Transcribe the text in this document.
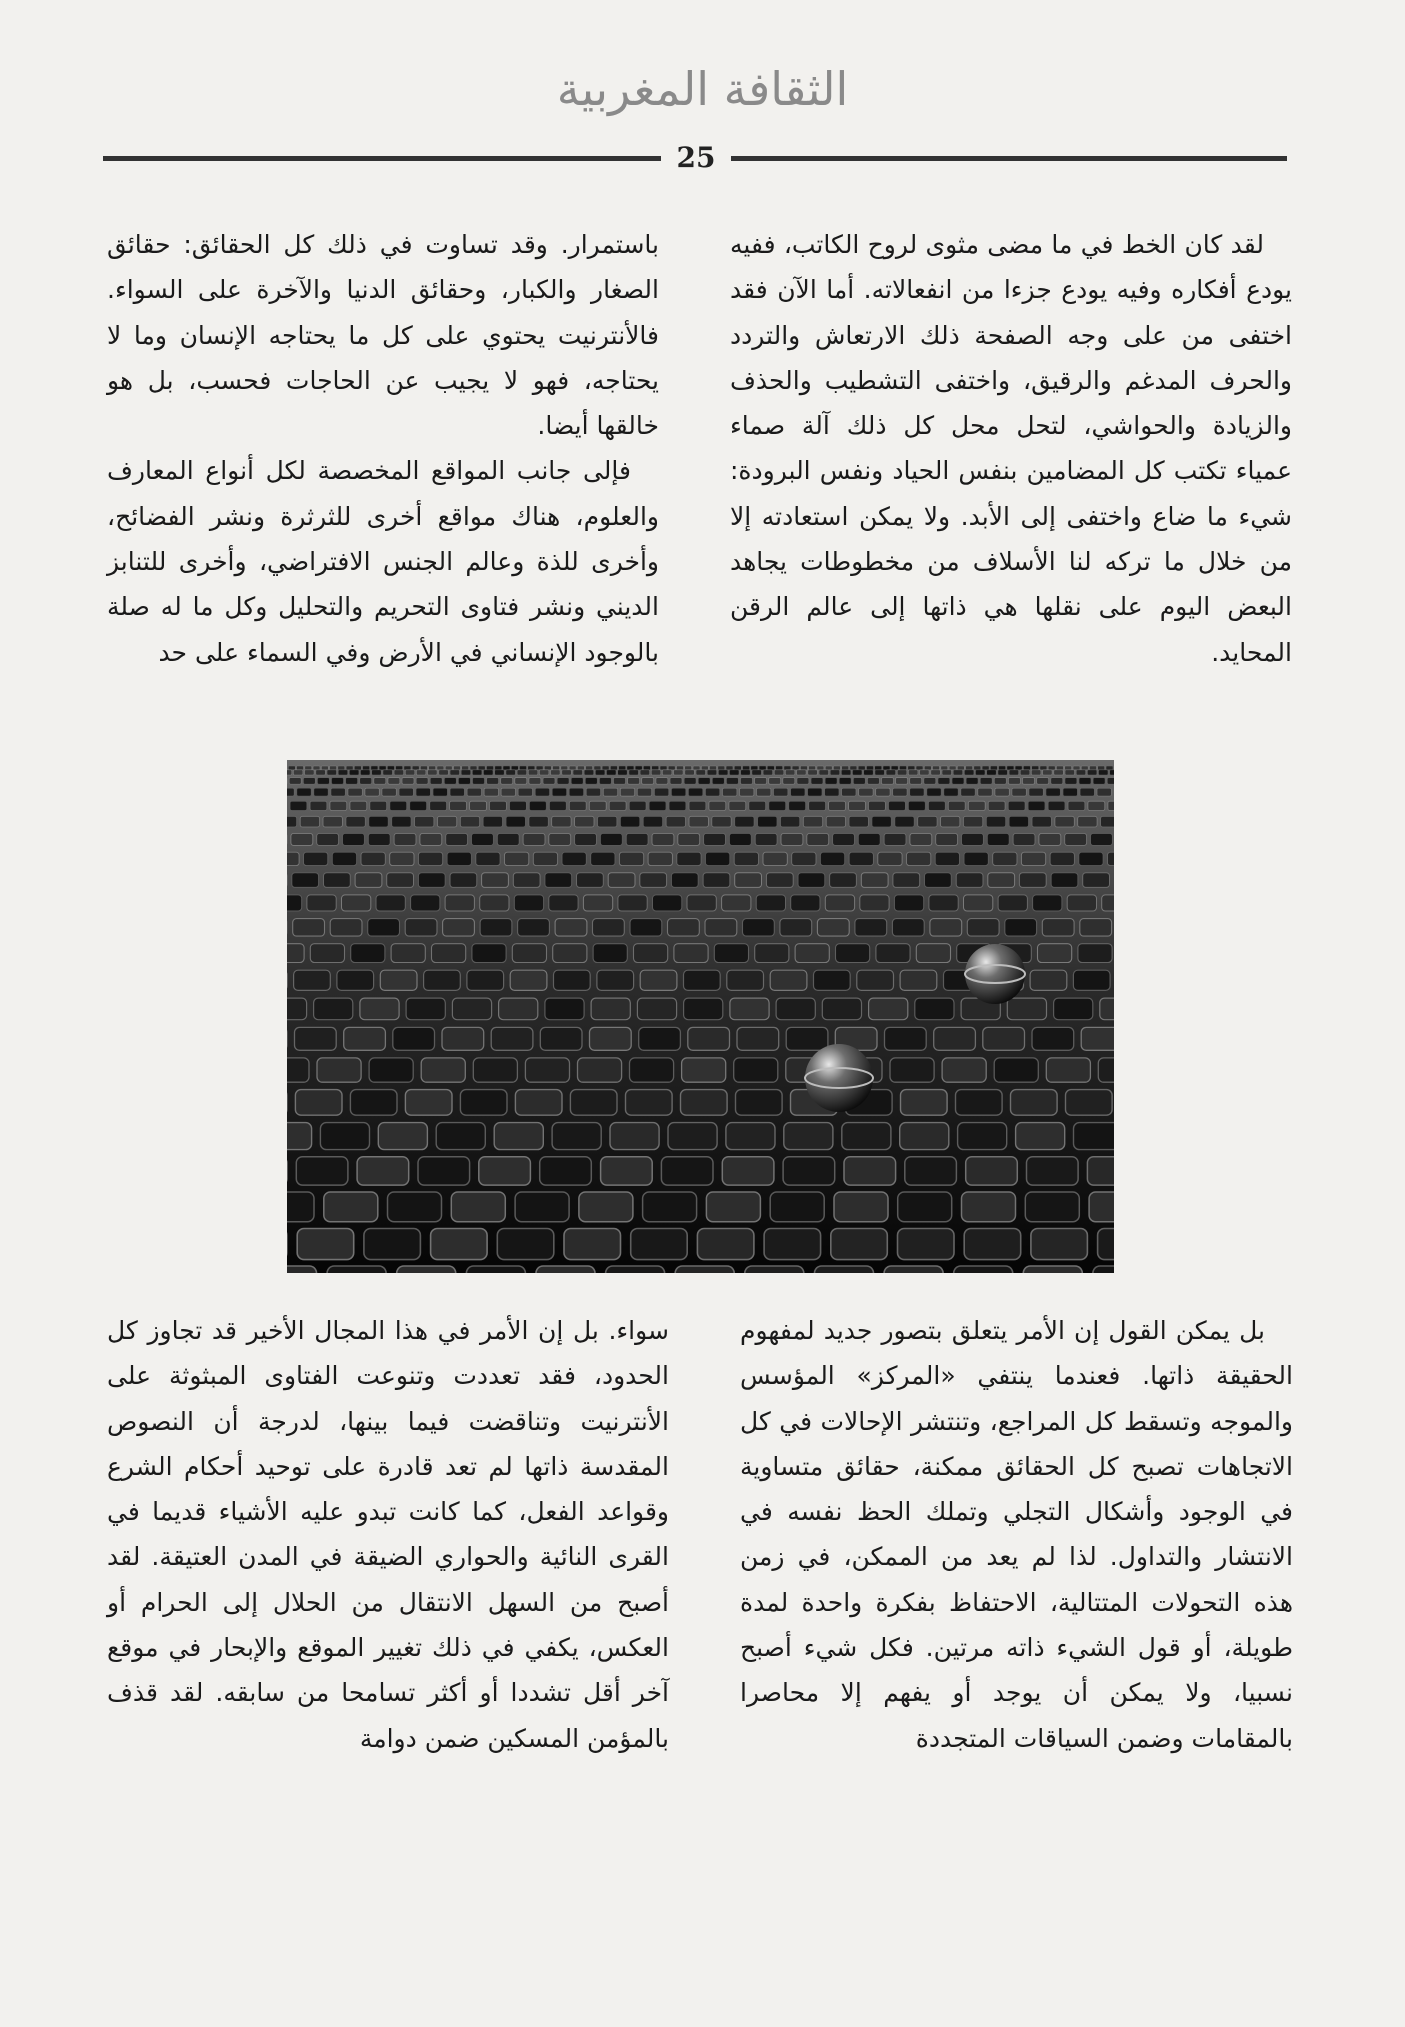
الثقافة المغربية
25

لقد كان الخط في ما مضى مثوى لروح الكاتب، ففيه يودع أفكاره وفيه يودع جزءا من انفعالاته. أما الآن فقد اختفى من على وجه الصفحة ذلك الارتعاش والتردد والحرف المدغم والرقيق، واختفى التشطيب والحذف والزيادة والحواشي، لتحل محل كل ذلك آلة صماء عمياء تكتب كل المضامين بنفس الحياد ونفس البرودة: شيء ما ضاع واختفى إلى الأبد. ولا يمكن استعادته إلا من خلال ما تركه لنا الأسلاف من مخطوطات يجاهد البعض اليوم على نقلها هي ذاتها إلى عالم الرقن المحايد.

باستمرار. وقد تساوت في ذلك كل الحقائق: حقائق الصغار والكبار، وحقائق الدنيا والآخرة على السواء. فالأنترنيت يحتوي على كل ما يحتاجه الإنسان وما لا يحتاجه، فهو لا يجيب عن الحاجات فحسب، بل هو خالقها أيضا.

فإلى جانب المواقع المخصصة لكل أنواع المعارف والعلوم، هناك مواقع أخرى للثرثرة ونشر الفضائح، وأخرى للذة وعالم الجنس الافتراضي، وأخرى للتنابز الديني ونشر فتاوى التحريم والتحليل وكل ما له صلة بالوجود الإنساني في الأرض وفي السماء على حد

بل يمكن القول إن الأمر يتعلق بتصور جديد لمفهوم الحقيقة ذاتها. فعندما ينتفي «المركز» المؤسس والموجه وتسقط كل المراجع، وتنتشر الإحالات في كل الاتجاهات تصبح كل الحقائق ممكنة، حقائق متساوية في الوجود وأشكال التجلي وتملك الحظ نفسه في الانتشار والتداول. لذا لم يعد من الممكن، في زمن هذه التحولات المتتالية، الاحتفاظ بفكرة واحدة لمدة طويلة، أو قول الشيء ذاته مرتين. فكل شيء أصبح نسبيا، ولا يمكن أن يوجد أو يفهم إلا محاصرا بالمقامات وضمن السياقات المتجددة

سواء. بل إن الأمر في هذا المجال الأخير قد تجاوز كل الحدود، فقد تعددت وتنوعت الفتاوى المبثوثة على الأنترنيت وتناقضت فيما بينها، لدرجة أن النصوص المقدسة ذاتها لم تعد قادرة على توحيد أحكام الشرع وقواعد الفعل، كما كانت تبدو عليه الأشياء قديما في القرى النائية والحواري الضيقة في المدن العتيقة. لقد أصبح من السهل الانتقال من الحلال إلى الحرام أو العكس، يكفي في ذلك تغيير الموقع والإبحار في موقع آخر أقل تشددا أو أكثر تسامحا من سابقه. لقد قذف بالمؤمن المسكين ضمن دوامة
